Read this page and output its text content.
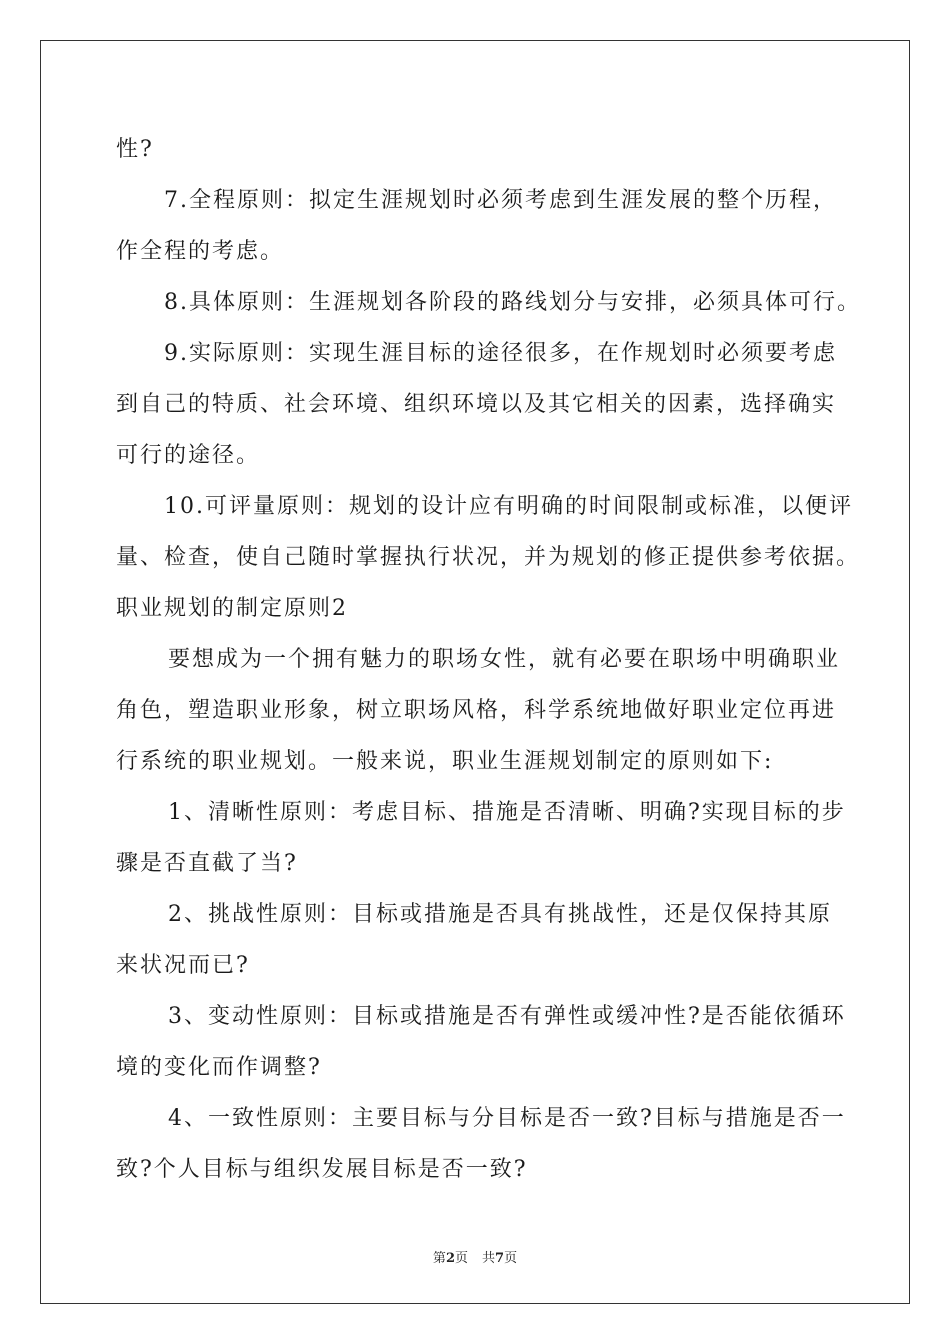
性?
7.全程原则：拟定生涯规划时必须考虑到生涯发展的整个历程，
作全程的考虑。
8.具体原则：生涯规划各阶段的路线划分与安排，必须具体可行。
9.实际原则：实现生涯目标的途径很多，在作规划时必须要考虑
到自己的特质、社会环境、组织环境以及其它相关的因素，选择确实
可行的途径。
10.可评量原则：规划的设计应有明确的时间限制或标准，以便评
量、检查，使自己随时掌握执行状况，并为规划的修正提供参考依据。
职业规划的制定原则2
要想成为一个拥有魅力的职场女性，就有必要在职场中明确职业
角色，塑造职业形象，树立职场风格，科学系统地做好职业定位再进
行系统的职业规划。一般来说，职业生涯规划制定的原则如下:
1、清晰性原则：考虑目标、措施是否清晰、明确?实现目标的步
骤是否直截了当?
2、挑战性原则：目标或措施是否具有挑战性，还是仅保持其原
来状况而已?
3、变动性原则：目标或措施是否有弹性或缓冲性?是否能依循环
境的变化而作调整?
4、一致性原则：主要目标与分目标是否一致?目标与措施是否一
致?个人目标与组织发展目标是否一致?
第2页 共7页
